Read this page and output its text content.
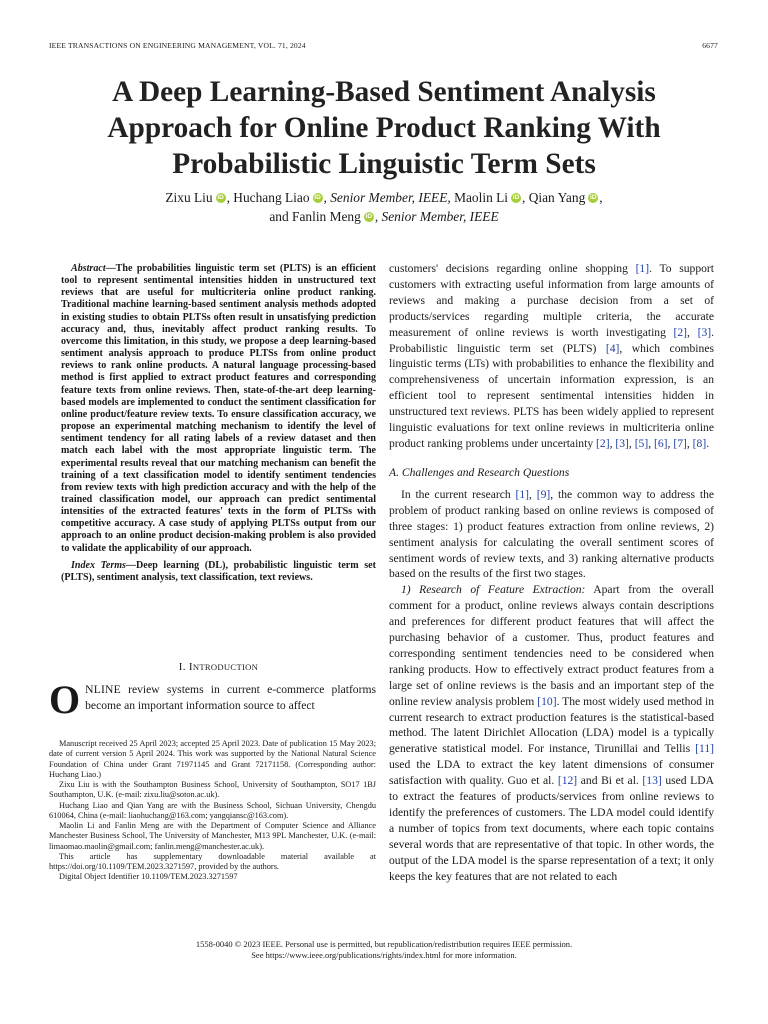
IEEE TRANSACTIONS ON ENGINEERING MANAGEMENT, VOL. 71, 2024	6677
A Deep Learning-Based Sentiment Analysis
Approach for Online Product Ranking With
Probabilistic Linguistic Term Sets
Zixu Liu iD , Huchang Liao iD , Senior Member, IEEE, Maolin Li iD , Qian Yang iD ,
and Fanlin Meng iD , Senior Member, IEEE

Abstract—The probabilities linguistic term set (PLTS) is an efficient tool to represent sentimental intensities hidden in unstructured text reviews that are useful for multicriteria online product ranking. Traditional machine learning-based sentiment analysis methods adopted in existing studies to obtain PLTSs often result in unsatisfying prediction accuracy and, thus, inevitably affect product ranking results. To overcome this limitation, in this study, we propose a deep learning-based sentiment analysis approach to produce PLTSs from online product reviews to rank online products. A natural language processing-based method is first applied to extract product features and corresponding feature texts from online reviews. Then, state-of-the-art deep learning-based models are implemented to conduct the sentiment classification for online product/feature review texts. To ensure classification accuracy, we propose an experimental matching mechanism to identify the level of sentiment tendency for all rating labels of a review dataset and then match each label with the most appropriate linguistic term. The experimental results reveal that our matching mechanism can benefit the training of a text classification model to identify sentiment tendencies from review texts with high prediction accuracy and with the help of the trained classification model, our approach can predict sentimental intensities of the extracted features' texts in the form of PLTSs with competitive accuracy. A case study of applying PLTSs output from our approach to an online product decision-making problem is also provided to validate the applicability of our approach.

Index Terms—Deep learning (DL), probabilistic linguistic term set (PLTS), sentiment analysis, text classification, text reviews.

I. INTRODUCTION
ONLINE review systems in current e-commerce platforms become an important information source to affect

Manuscript received 25 April 2023; accepted 25 April 2023. Date of publication 15 May 2023; date of current version 5 April 2024. This work was supported by the National Natural Science Foundation of China under Grant 71971145 and Grant 72171158. (Corresponding author: Huchang Liao.)

Zixu Liu is with the Southampton Business School, University of Southampton, SO17 1BJ Southampton, U.K. (e-mail: zixu.liu@soton.ac.uk).

Huchang Liao and Qian Yang are with the Business School, Sichuan University, Chengdu 610064, China (e-mail: liaohuchang@163.com; yangqiansc@163.com).

Maolin Li and Fanlin Meng are with the Department of Computer Science and Alliance Manchester Business School, The University of Manchester, M13 9PL Manchester, U.K. (e-mail: limaomao.maolin@gmail.com; fanlin.meng@manchester.ac.uk).

This article has supplementary downloadable material available at https://doi.org/10.1109/TEM.2023.3271597, provided by the authors.

Digital Object Identifier 10.1109/TEM.2023.3271597

customers' decisions regarding online shopping [1]. To support customers with extracting useful information from large amounts of reviews and making a purchase decision from a set of products/services regarding multiple criteria, the accurate measurement of online reviews is worth investigating [2], [3]. Probabilistic linguistic term set (PLTS) [4], which combines linguistic terms (LTs) with probabilities to enhance the flexibility and comprehensiveness of uncertain information expression, is an efficient tool to represent sentimental intensities hidden in unstructured text reviews. PLTS has been widely applied to represent linguistic evaluations for text online reviews in multicriteria online product ranking problems under uncertainty [2], [3], [5], [6], [7], [8].

A. Challenges and Research Questions

In the current research [1], [9], the common way to address the problem of product ranking based on online reviews is composed of three stages: 1) product features extraction from online reviews, 2) sentiment analysis for calculating the overall sentiment scores of sentiment words of review texts, and 3) ranking alternative products based on the results of the first two stages.

1) Research of Feature Extraction: Apart from the overall comment for a product, online reviews always contain descriptions and preferences for different product features that will affect the purchasing behavior of a customer. Thus, product features and corresponding sentiment tendencies need to be considered when ranking products. How to effectively extract product features from a large set of online reviews is the basis and an important step of the online review analysis problem [10]. The most widely used method in current research to extract production features is the statistical-based method. The latent Dirichlet Allocation (LDA) model is a typically generative statistical model. For instance, Tirunillai and Tellis [11] used the LDA to extract the key latent dimensions of consumer satisfaction with quality. Guo et al. [12] and Bi et al. [13] used LDA to extract the features of products/services from online reviews to identify the preferences of customers. The LDA model could identify a number of topics from text documents, where each topic contains several words that are representative of that topic. In other words, the output of the LDA model is the sparse representation of a text; it only keeps the key features that are not related to each

1558-0040 © 2023 IEEE. Personal use is permitted, but republication/redistribution requires IEEE permission.
See https://www.ieee.org/publications/rights/index.html for more information.
